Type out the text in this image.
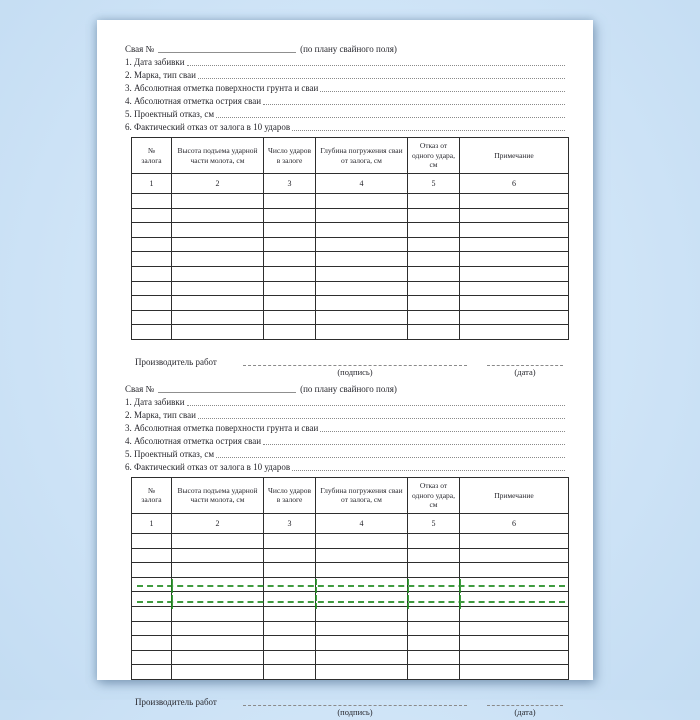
Свая №	(по плану свайного поля)
1. Дата забивки
2. Марка, тип сваи
3. Абсолютная отметка поверхности грунта и сваи
4. Абсолютная отметка острия сваи
5. Проектный отказ, см
6. Фактический отказ от залога в 10 ударов
№ залога	Высота подъема ударной части молота, см	Число ударов в залоге	Глубина погружения сваи от залога, см	Отказ от одного удара, см	Примечание
1	2	3	4	5	6

Производитель работ
(подпись)	(дата)
Свая №	(по плану свайного поля)
1. Дата забивки
2. Марка, тип сваи
3. Абсолютная отметка поверхности грунта и сваи
4. Абсолютная отметка острия сваи
5. Проектный отказ, см
6. Фактический отказ от залога в 10 ударов
№ залога	Высота подъема ударной части молота, см	Число ударов в залоге	Глубина погружения сваи от залога, см	Отказ от одного удара, см	Примечание
1	2	3	4	5	6

Производитель работ
(подпись)	(дата)
